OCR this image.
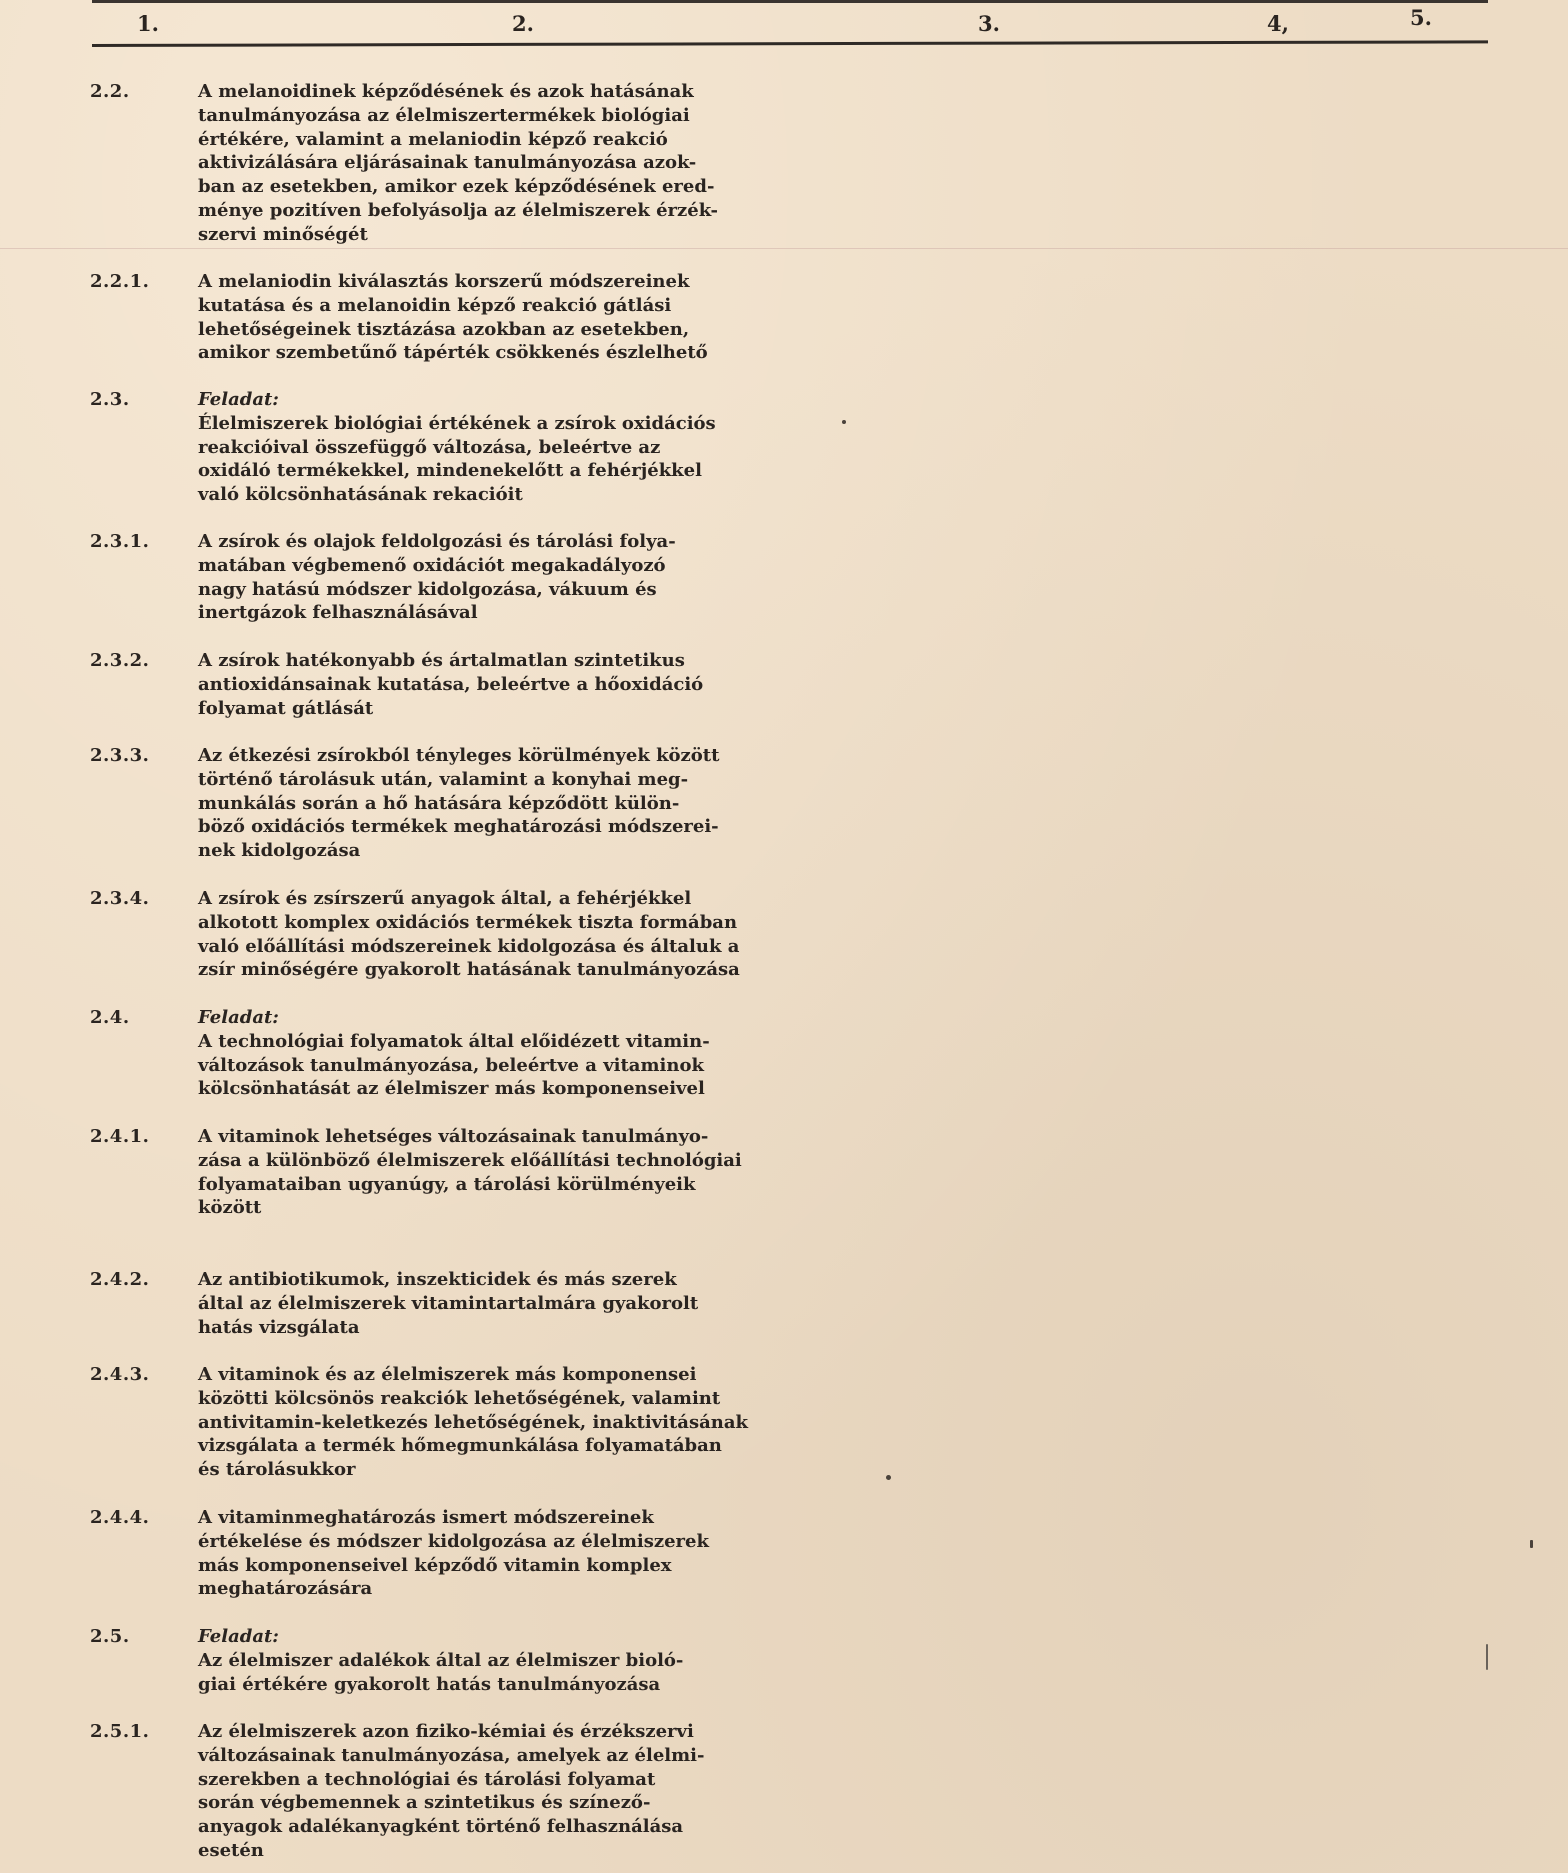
1.	2.	3.	4,	5.
2.2.	A melanoidinek képződésének és azok hatásának
tanulmányozása az élelmiszertermékek biológiai
értékére, valamint a melaniodin képző reakció
aktivizálására eljárásainak tanulmányozása azok-
ban az esetekben, amikor ezek képződésének ered-
ménye pozitíven befolyásolja az élelmiszerek érzék-
szervi minőségét
2.2.1.	A melaniodin kiválasztás korszerű módszereinek
kutatása és a melanoidin képző reakció gátlási
lehetőségeinek tisztázása azokban az esetekben,
amikor szembetűnő tápérték csökkenés észlelhető
2.3.	Feladat:
Élelmiszerek biológiai értékének a zsírok oxidációs
reakcióival összefüggő változása, beleértve az
oxidáló termékekkel, mindenekelőtt a fehérjékkel
való kölcsönhatásának rekacióit
2.3.1.	A zsírok és olajok feldolgozási és tárolási folya-
matában végbemenő oxidációt megakadályozó
nagy hatású módszer kidolgozása, vákuum és
inertgázok felhasználásával
2.3.2.	A zsírok hatékonyabb és ártalmatlan szintetikus
antioxidánsainak kutatása, beleértve a hőoxidáció
folyamat gátlását
2.3.3.	Az étkezési zsírokból tényleges körülmények között
történő tárolásuk után, valamint a konyhai meg-
munkálás során a hő hatására képződött külön-
böző oxidációs termékek meghatározási módszerei-
nek kidolgozása
2.3.4.	A zsírok és zsírszerű anyagok által, a fehérjékkel
alkotott komplex oxidációs termékek tiszta formában
való előállítási módszereinek kidolgozása és általuk a
zsír minőségére gyakorolt hatásának tanulmányozása
2.4.	Feladat:
A technológiai folyamatok által előidézett vitamin-
változások tanulmányozása, beleértve a vitaminok
kölcsönhatását az élelmiszer más komponenseivel
2.4.1.	A vitaminok lehetséges változásainak tanulmányo-
zása a különböző élelmiszerek előállítási technológiai
folyamataiban ugyanúgy, a tárolási körülményeik
között
2.4.2.	Az antibiotikumok, inszekticidek és más szerek
által az élelmiszerek vitamintartalmára gyakorolt
hatás vizsgálata
2.4.3.	A vitaminok és az élelmiszerek más komponensei
közötti kölcsönös reakciók lehetőségének, valamint
antivitamin-keletkezés lehetőségének, inaktivitásának
vizsgálata a termék hőmegmunkálása folyamatában
és tárolásukkor
2.4.4.	A vitaminmeghatározás ismert módszereinek
értékelése és módszer kidolgozása az élelmiszerek
más komponenseivel képződő vitamin komplex
meghatározására
2.5.	Feladat:
Az élelmiszer adalékok által az élelmiszer bioló-
giai értékére gyakorolt hatás tanulmányozása
2.5.1.	Az élelmiszerek azon fiziko-kémiai és érzékszervi
változásainak tanulmányozása, amelyek az élelmi-
szerekben a technológiai és tárolási folyamat
során végbemennek a szintetikus és színező-
anyagok adalékanyagként történő felhasználása
esetén
